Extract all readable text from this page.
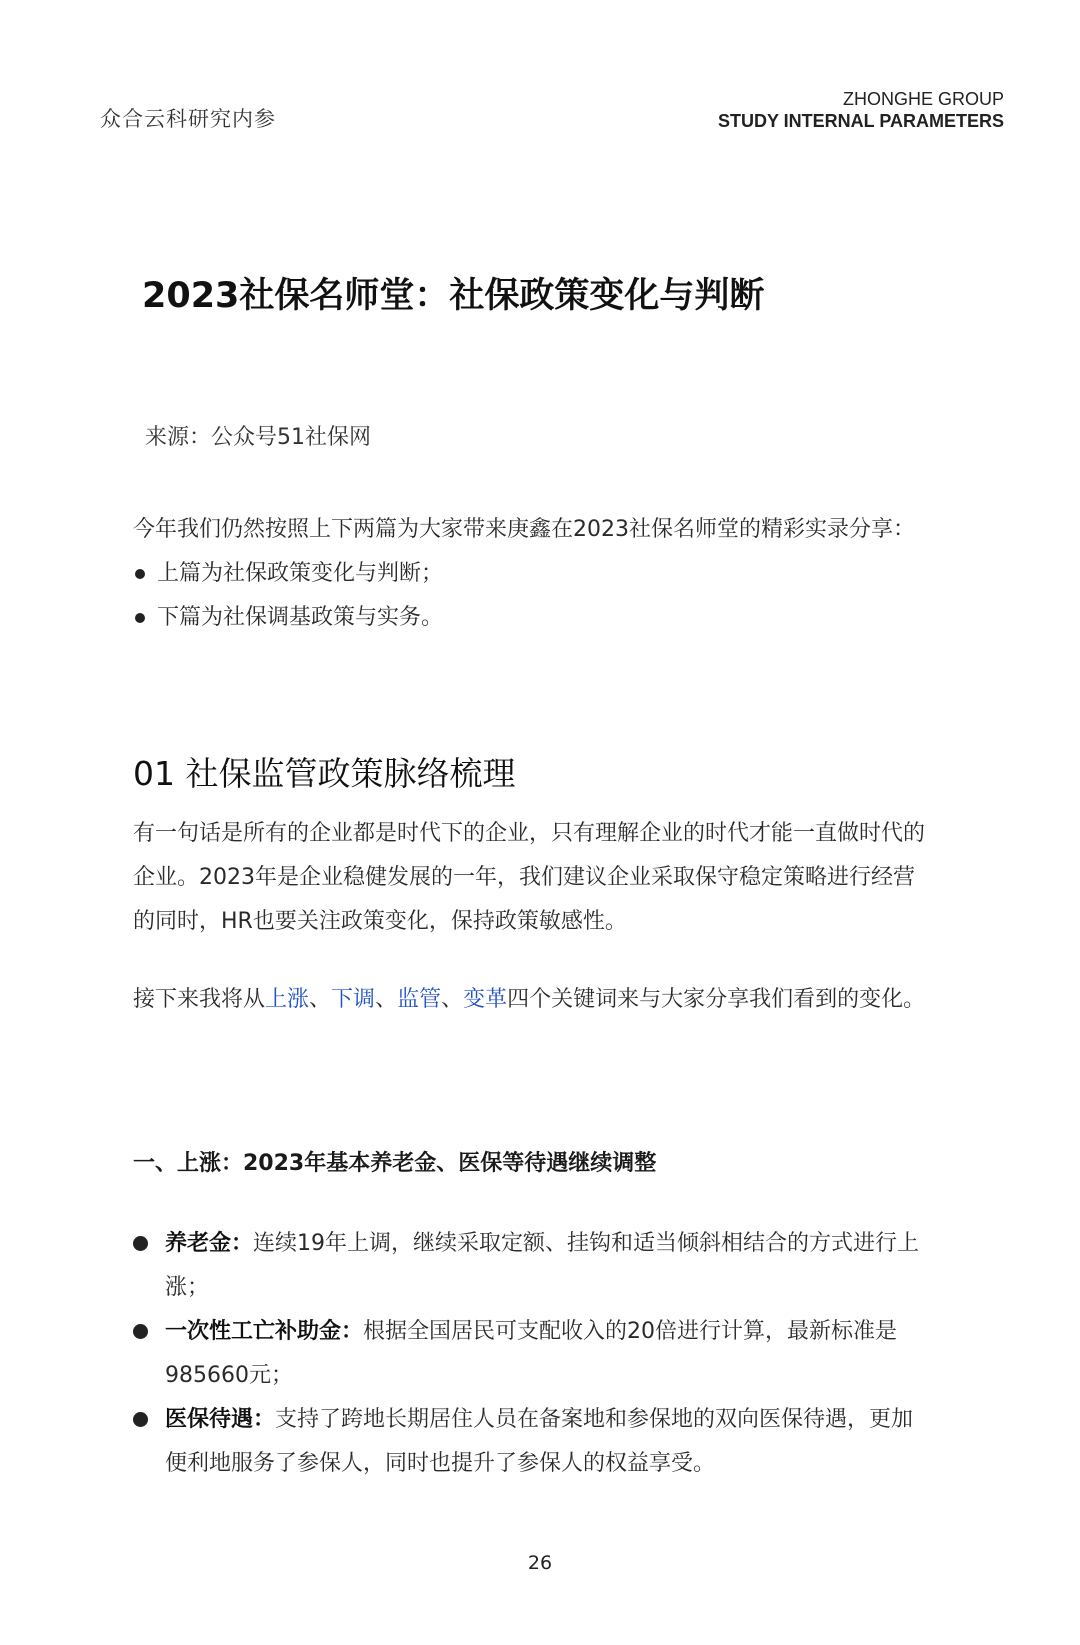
众合云科研究内参
ZHONGHE GROUP
STUDY INTERNAL PARAMETERS
2023社保名师堂：社保政策变化与判断
来源：公众号51社保网

今年我们仍然按照上下两篇为大家带来庚鑫在2023社保名师堂的精彩实录分享：

上篇为社保政策变化与判断；
下篇为社保调基政策与实务。
01 社保监管政策脉络梳理

有一句话是所有的企业都是时代下的企业，只有理解企业的时代才能一直做时代的企业。2023年是企业稳健发展的一年，我们建议企业采取保守稳定策略进行经营的同时，HR也要关注政策变化，保持政策敏感性。

接下来我将从上涨、下调、监管、变革四个关键词来与大家分享我们看到的变化。

一、上涨：2023年基本养老金、医保等待遇继续调整
养老金：连续19年上调，继续采取定额、挂钩和适当倾斜相结合的方式进行上涨；
一次性工亡补助金：根据全国居民可支配收入的20倍进行计算，最新标准是985660元；
医保待遇：支持了跨地长期居住人员在备案地和参保地的双向医保待遇，更加便利地服务了参保人，同时也提升了参保人的权益享受。
26
